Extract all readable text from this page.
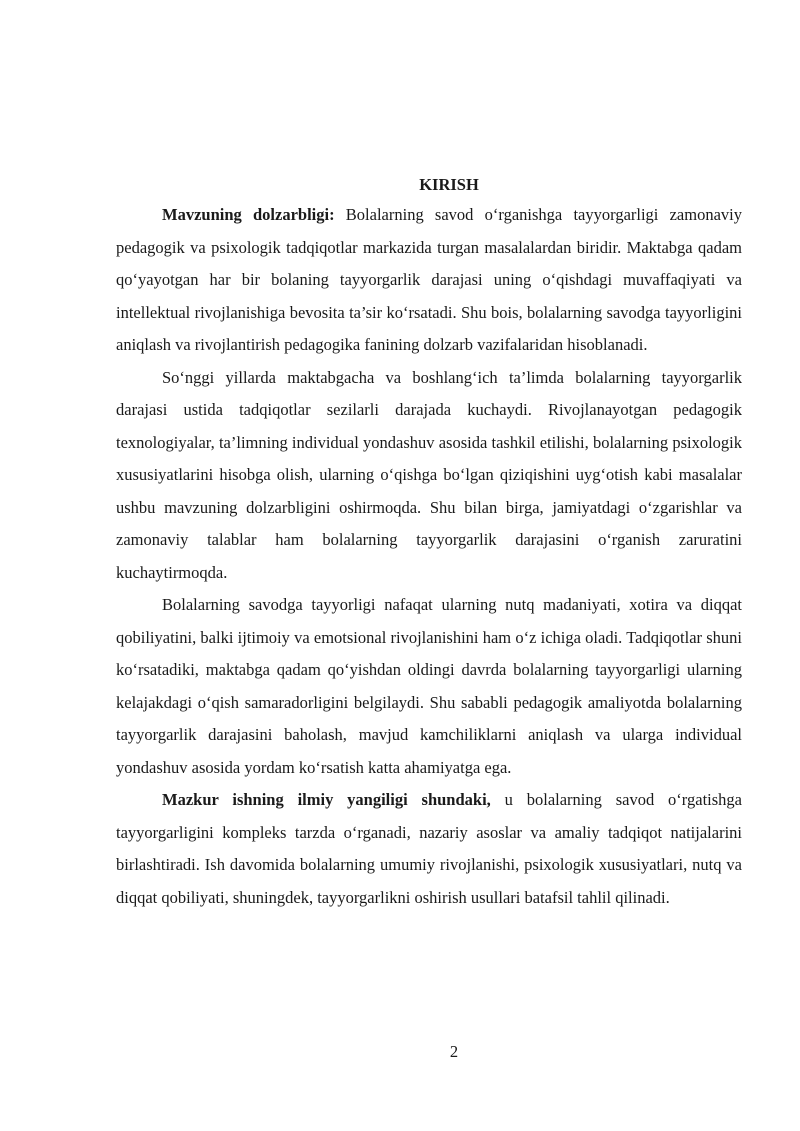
KIRISH

Mavzuning dolzarbligi: Bolalarning savod o‘rganishga tayyorgarligi zamonaviy pedagogik va psixologik tadqiqotlar markazida turgan masalalardan biridir. Maktabga qadam qo‘yayotgan har bir bolaning tayyorgarlik darajasi uning o‘qishdagi muvaffaqiyati va intellektual rivojlanishiga bevosita ta’sir ko‘rsatadi. Shu bois, bolalarning savodga tayyorligini aniqlash va rivojlantirish pedagogika fanining dolzarb vazifalaridan hisoblanadi.

So‘nggi yillarda maktabgacha va boshlang‘ich ta’limda bolalarning tayyorgarlik darajasi ustida tadqiqotlar sezilarli darajada kuchaydi. Rivojlanayotgan pedagogik texnologiyalar, ta’limning individual yondashuv asosida tashkil etilishi, bolalarning psixologik xususiyatlarini hisobga olish, ularning o‘qishga bo‘lgan qiziqishini uyg‘otish kabi masalalar ushbu mavzuning dolzarbligini oshirmoqda. Shu bilan birga, jamiyatdagi o‘zgarishlar va zamonaviy talablar ham bolalarning tayyorgarlik darajasini o‘rganish zaruratini kuchaytirmoqda.

Bolalarning savodga tayyorligi nafaqat ularning nutq madaniyati, xotira va diqqat qobiliyatini, balki ijtimoiy va emotsional rivojlanishini ham o‘z ichiga oladi. Tadqiqotlar shuni ko‘rsatadiki, maktabga qadam qo‘yishdan oldingi davrda bolalarning tayyorgarligi ularning kelajakdagi o‘qish samaradorligini belgilaydi. Shu sababli pedagogik amaliyotda bolalarning tayyorgarlik darajasini baholash, mavjud kamchiliklarni aniqlash va ularga individual yondashuv asosida yordam ko‘rsatish katta ahamiyatga ega.

Mazkur ishning ilmiy yangiligi shundaki, u bolalarning savod o‘rgatishga tayyorgarligini kompleks tarzda o‘rganadi, nazariy asoslar va amaliy tadqiqot natijalarini birlashtiradi. Ish davomida bolalarning umumiy rivojlanishi, psixologik xususiyatlari, nutq va diqqat qobiliyati, shuningdek, tayyorgarlikni oshirish usullari batafsil tahlil qilinadi.

2
